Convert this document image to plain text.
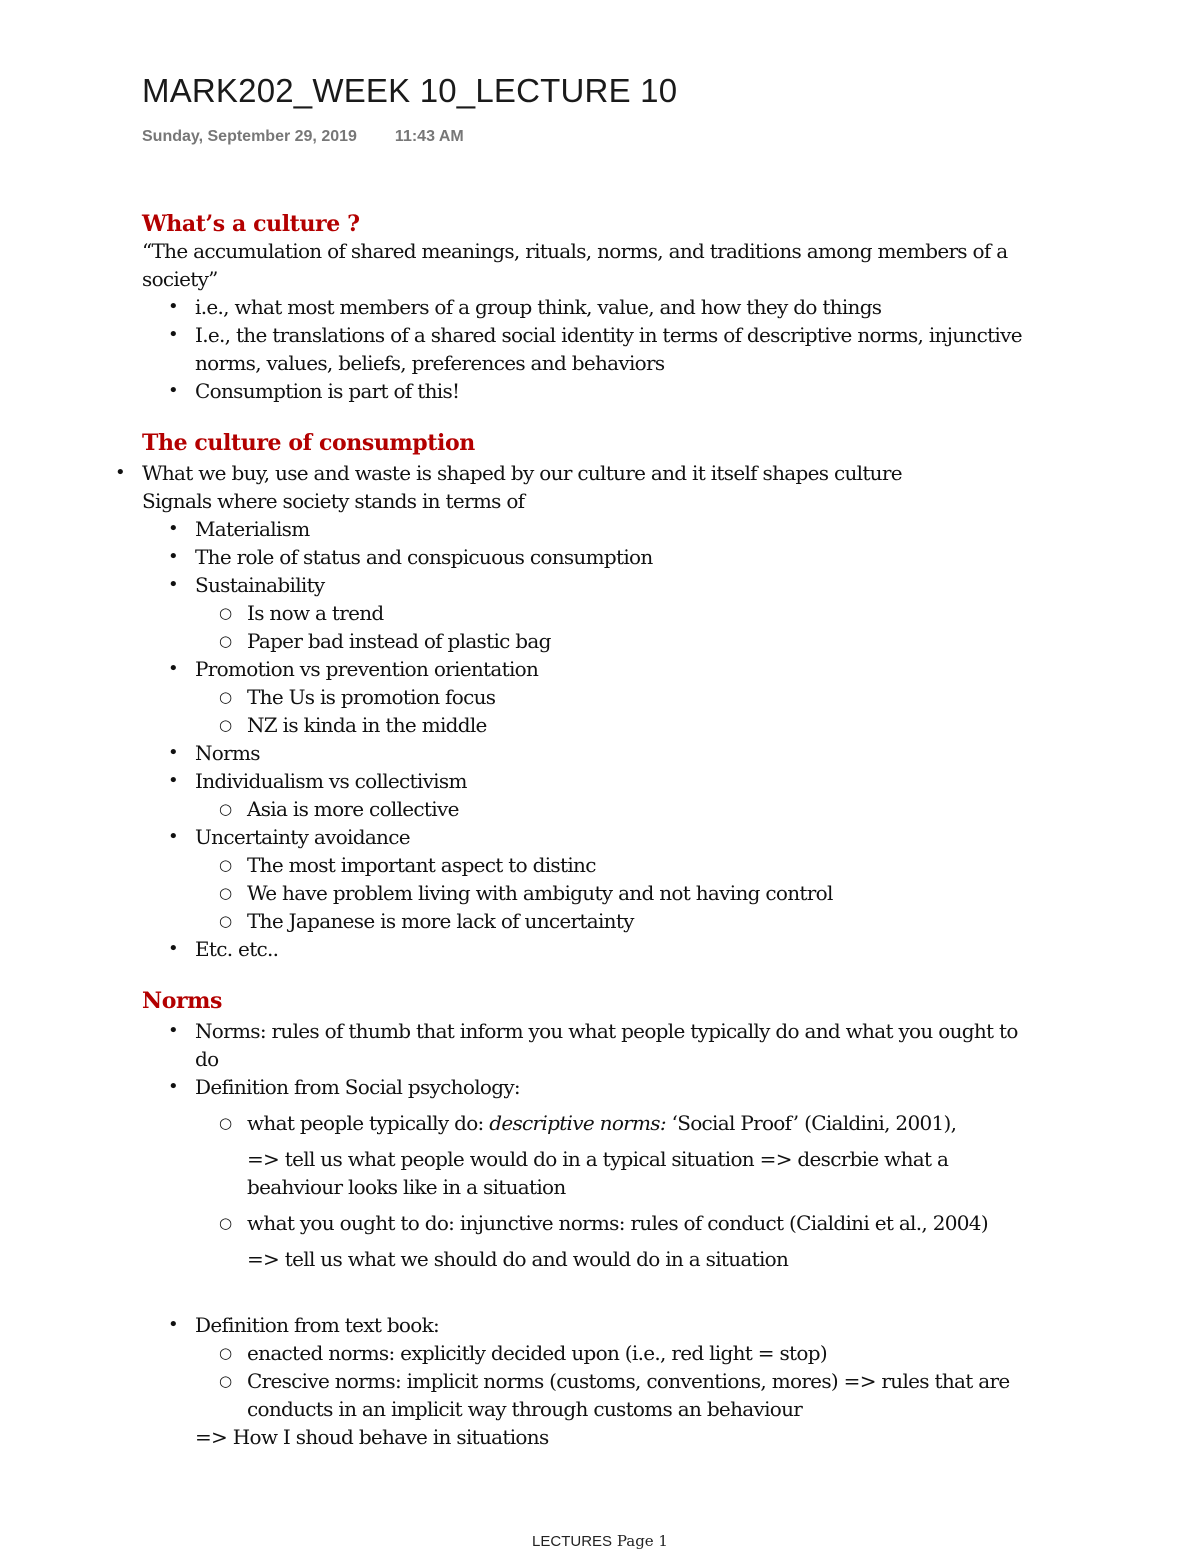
MARK202_WEEK 10_LECTURE 10
Sunday, September 29, 2019 11:43 AM
What’s a culture ?

“The accumulation of shared meanings, rituals, norms, and traditions among members of a society”

• i.e., what most members of a group think, value, and how they do things
• I.e., the translations of a shared social identity in terms of descriptive norms, injunctive norms, values, beliefs, preferences and behaviors
• Consumption is part of this!
The culture of consumption
• What we buy, use and waste is shaped by our culture and it itself shapes culture

Signals where society stands in terms of

• Materialism
• The role of status and conspicuous consumption
• Sustainability
○ Is now a trend
○ Paper bad instead of plastic bag
• Promotion vs prevention orientation
○ The Us is promotion focus
○ NZ is kinda in the middle
• Norms
• Individualism vs collectivism
○ Asia is more collective
• Uncertainty avoidance
○ The most important aspect to distinc
○ We have problem living with ambiguty and not having control
○ The Japanese is more lack of uncertainty
• Etc. etc..
Norms
• Norms: rules of thumb that inform you what people typically do and what you ought to do
• Definition from Social psychology:
○ what people typically do: descriptive norms: ‘Social Proof’ (Cialdini, 2001),
=> tell us what people would do in a typical situation => descrbie what a beahviour looks like in a situation
○ what you ought to do: injunctive norms: rules of conduct (Cialdini et al., 2004)
=> tell us what we should do and would do in a situation
• Definition from text book:
○ enacted norms: explicitly decided upon (i.e., red light = stop)
○ Crescive norms: implicit norms (customs, conventions, mores) => rules that are conducts in an implicit way through customs an behaviour
=> How I shoud behave in situations
LECTURES Page 1
